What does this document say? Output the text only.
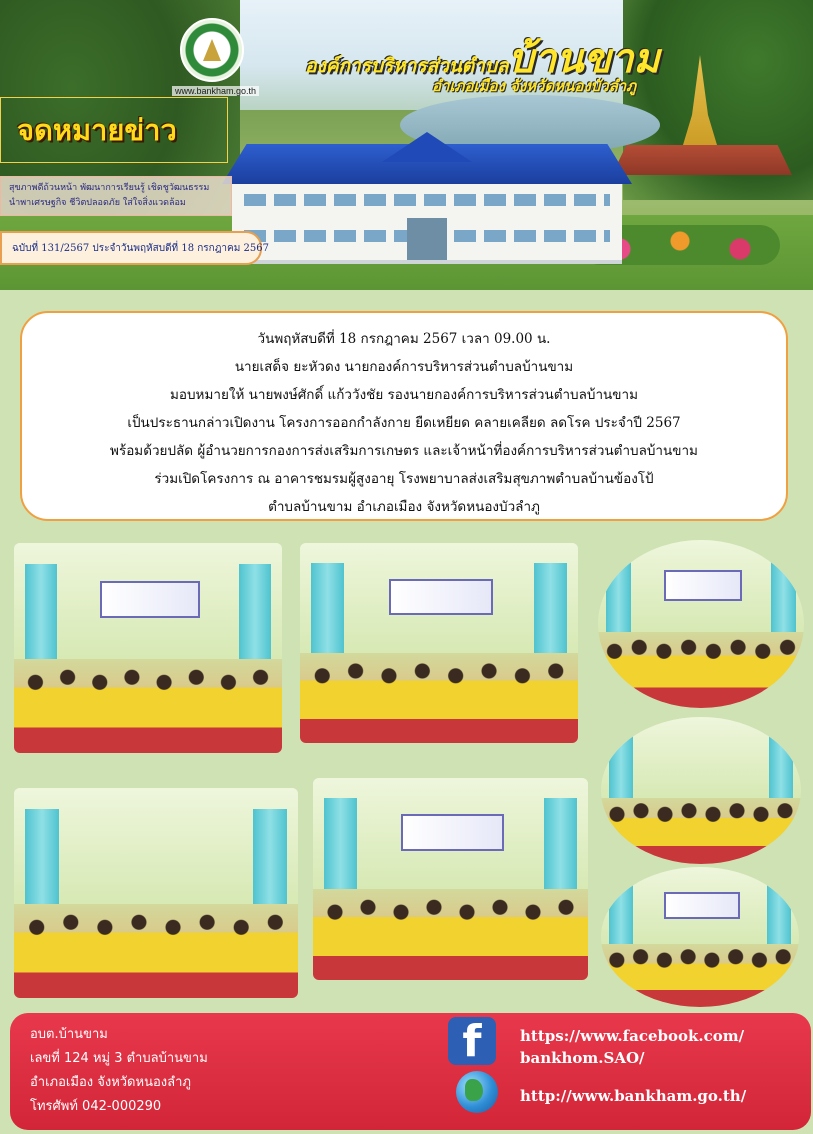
www.bankham.go.th
องค์การบริหารส่วนตำบลบ้านขาม
อำเภอเมือง จังหวัดหนองบัวลำภู
จดหมายข่าว
สุขภาพดีถ้วนหน้า พัฒนาการเรียนรู้ เชิดชูวัฒนธรรม
นำพาเศรษฐกิจ ชีวิตปลอดภัย ใส่ใจสิ่งแวดล้อม
ฉบับที่ 131/2567 ประจำวันพฤหัสบดีที่ 18 กรกฎาคม 2567
วันพฤหัสบดีที่ 18 กรกฎาคม 2567 เวลา 09.00 น.
นายเสด็จ ยะหัวดง นายกองค์การบริหารส่วนตำบลบ้านขาม
มอบหมายให้ นายพงษ์ศักดิ์ แก้ววังชัย รองนายกองค์การบริหารส่วนตำบลบ้านขาม
เป็นประธานกล่าวเปิดงาน โครงการออกกำลังกาย ยืดเหยียด คลายเคลียด ลดโรค ประจำปี 2567
พร้อมด้วยปลัด ผู้อำนวยการกองการส่งเสริมการเกษตร และเจ้าหน้าที่องค์การบริหารส่วนตำบลบ้านขาม
ร่วมเปิดโครงการ ณ อาคารชมรมผู้สูงอายุ โรงพยาบาลส่งเสริมสุขภาพตำบลบ้านข้องโป้
ตำบลบ้านขาม อำเภอเมือง จังหวัดหนองบัวลำภู
อบต.บ้านขาม
เลขที่ 124 หมู่ 3 ตำบลบ้านขาม
อำเภอเมือง จังหวัดหนองลำภู
โทรศัพท์ 042-000290
f	https://www.facebook.com/
bankhom.SAO/
http://www.bankham.go.th/
